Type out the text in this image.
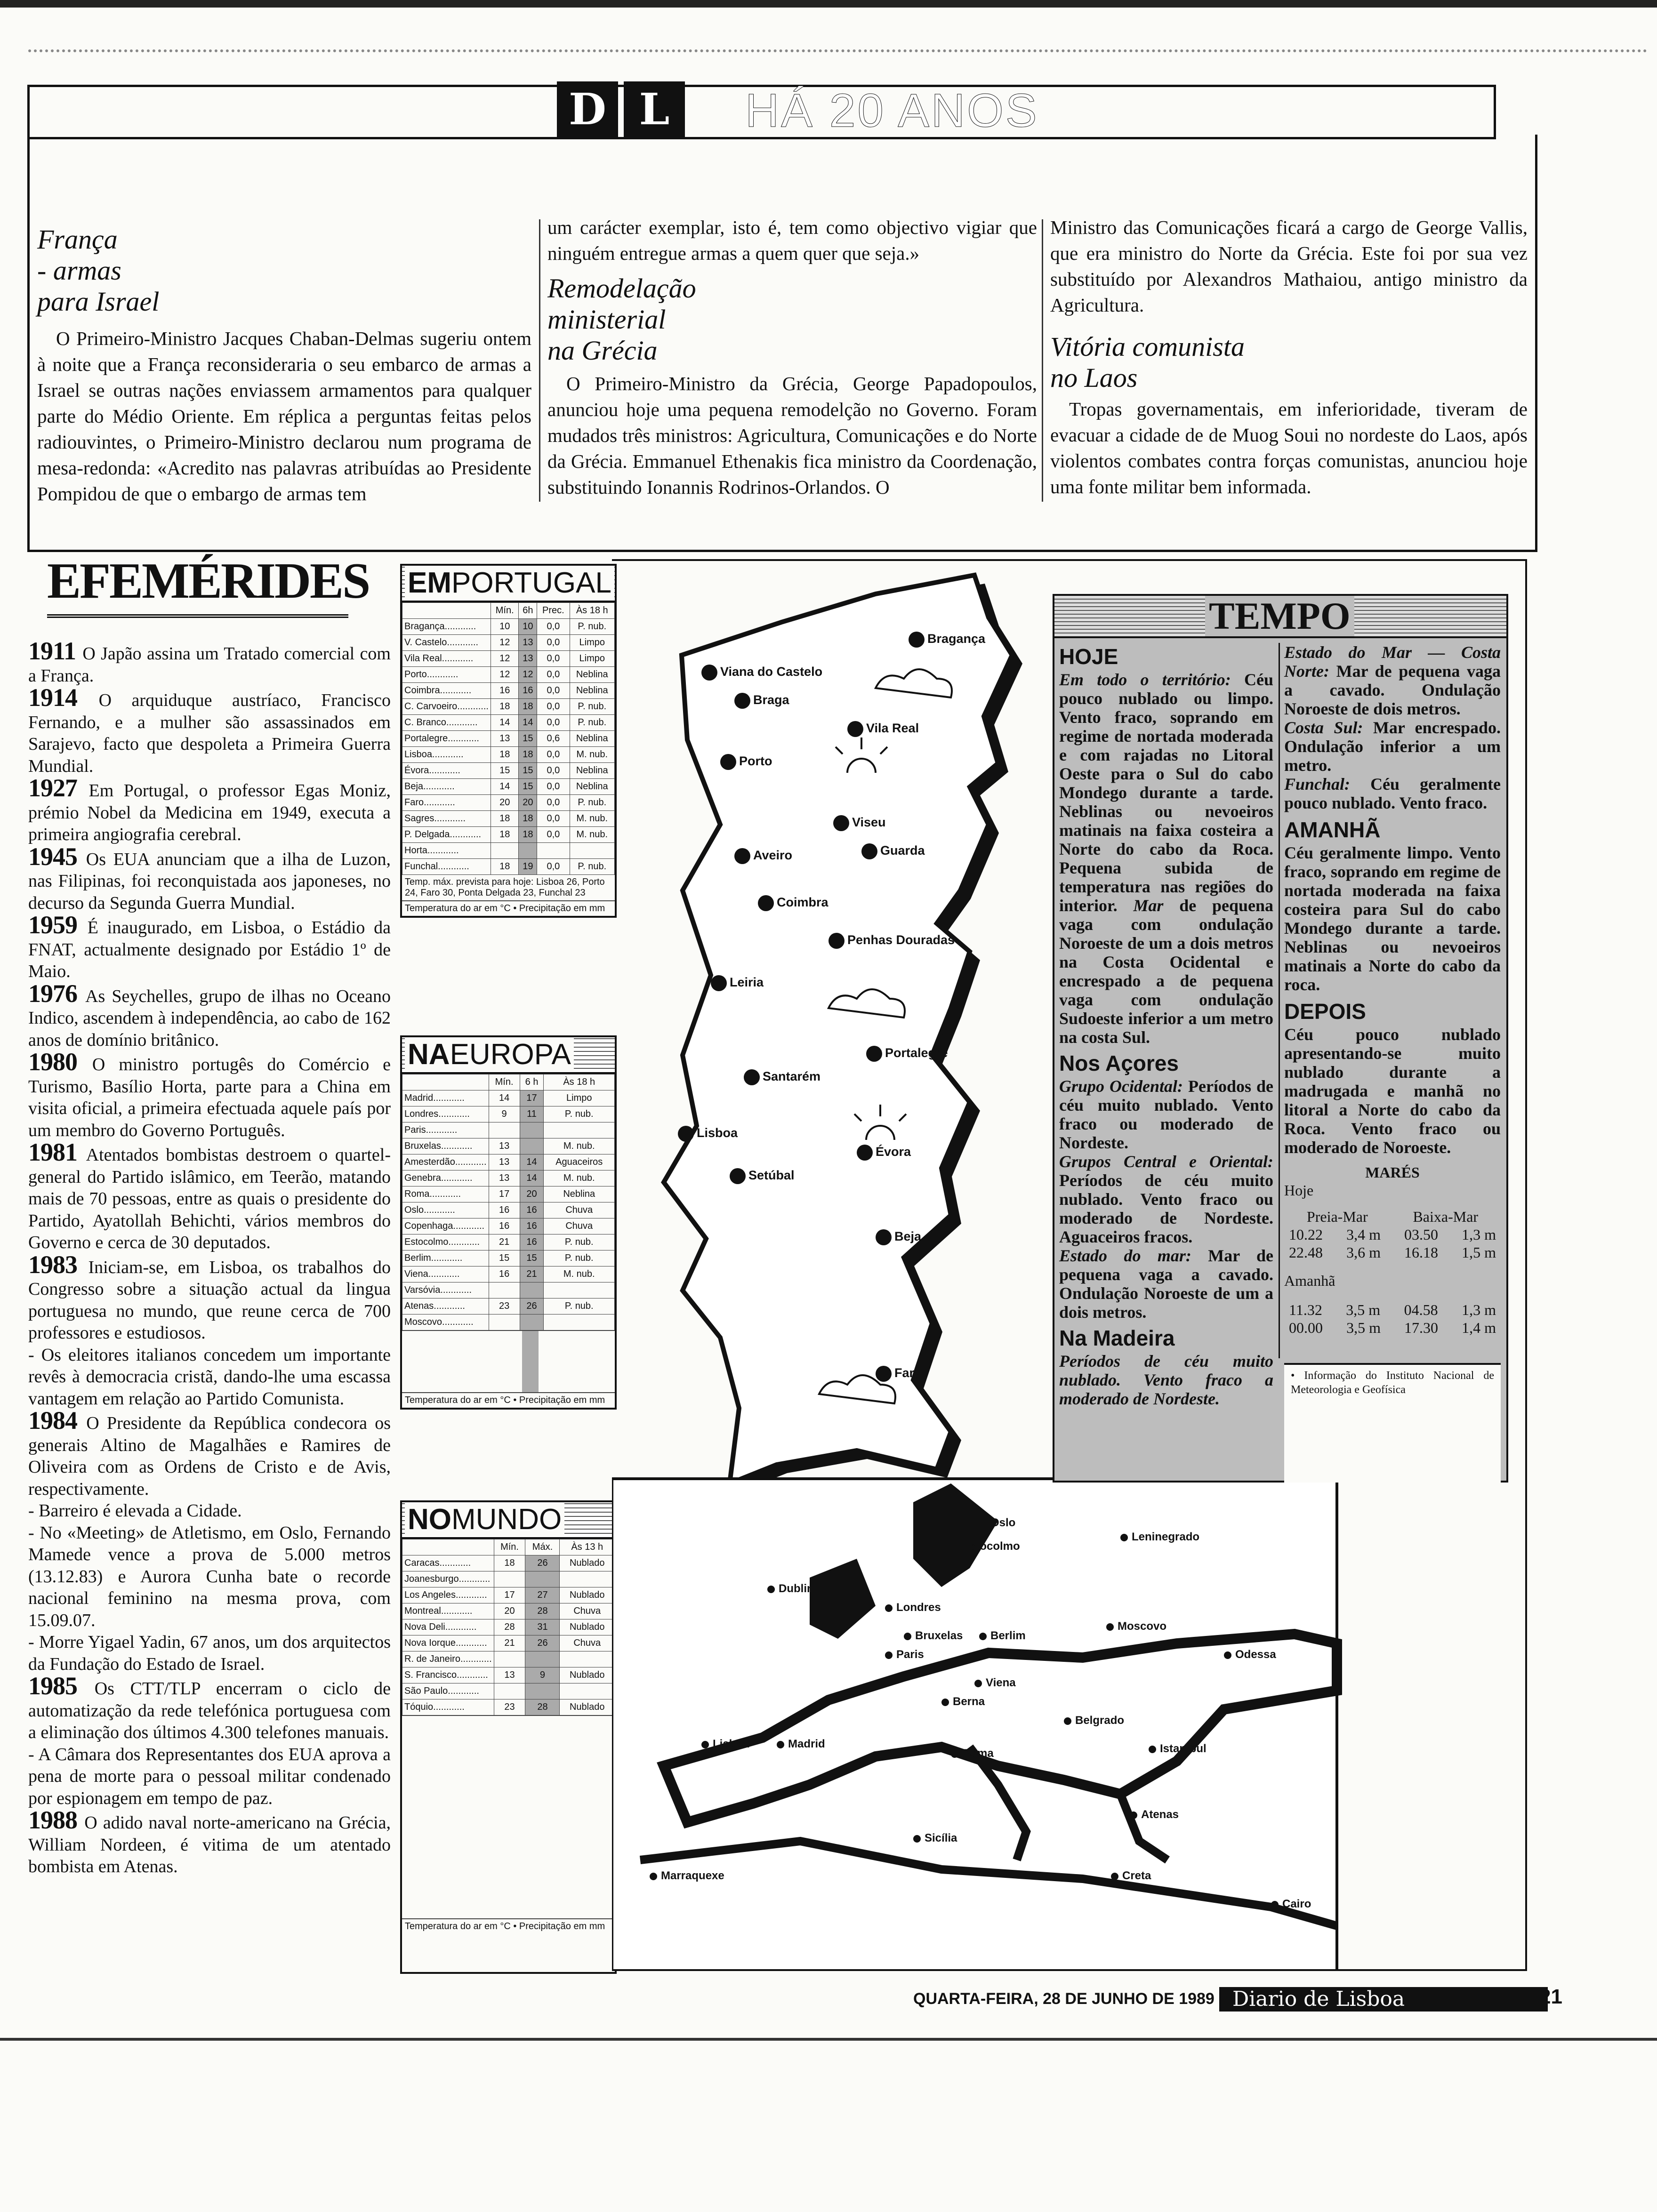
D L	HÁ 20 ANOS

França

- armas

para Israel

O Primeiro-Ministro Jacques Chaban-Delmas sugeriu ontem à noite que a França reconsideraria o seu embarco de armas a Israel se outras nações enviassem armamentos para qualquer parte do Médio Oriente. Em réplica a perguntas feitas pelos radiouvintes, o Primeiro-Ministro declarou num programa de mesa-redonda: «Acredito nas palavras atribuídas ao Presidente Pompidou de que o embargo de armas tem

um carácter exemplar, isto é, tem como objectivo vigiar que ninguém entregue armas a quem quer que seja.»

Remodelação

ministerial

na Grécia

O Primeiro-Ministro da Grécia, George Papadopoulos, anunciou hoje uma pequena remodelção no Governo. Foram mudados três ministros: Agricultura, Comunicações e do Norte da Grécia. Emmanuel Ethenakis fica ministro da Coordenação, substituindo Ionannis Rodrinos-Orlandos. O

Ministro das Comunicações ficará a cargo de George Vallis, que era ministro do Norte da Grécia. Este foi por sua vez substituído por Alexandros Mathaiou, antigo ministro da Agricultura.

Vitória comunista

no Laos

Tropas governamentais, em inferioridade, tiveram de evacuar a cidade de de Muog Soui no nordeste do Laos, após violentos combates contra forças comunistas, anunciou hoje uma fonte militar bem informada.

EFEMÉRIDES

1911 O Japão assina um Tratado comercial com a França.

1914 O arquiduque austríaco, Francisco Fernando, e a mulher são assassinados em Sarajevo, facto que despoleta a Primeira Guerra Mundial.

1927 Em Portugal, o professor Egas Moniz, prémio Nobel da Medicina em 1949, executa a primeira angiografia cerebral.

1945 Os EUA anunciam que a ilha de Luzon, nas Filipinas, foi reconquistada aos japoneses, no decurso da Segunda Guerra Mundial.

1959 É inaugurado, em Lisboa, o Estádio da FNAT, actualmente designado por Estádio 1º de Maio.

1976 As Seychelles, grupo de ilhas no Oceano Indico, ascendem à independência, ao cabo de 162 anos de domínio britânico.

1980 O ministro portugês do Comércio e Turismo, Basílio Horta, parte para a China em visita oficial, a primeira efectuada aquele país por um membro do Governo Português.

1981 Atentados bombistas destroem o quartel-general do Partido islâmico, em Teerão, matando mais de 70 pessoas, entre as quais o presidente do Partido, Ayatollah Behichti, vários membros do Governo e cerca de 30 deputados.

1983 Iniciam-se, em Lisboa, os trabalhos do Congresso sobre a situação actual da lingua portuguesa no mundo, que reune cerca de 700 professores e estudiosos.

- Os eleitores italianos concedem um importante revês à democracia cristã, dando-lhe uma escassa vantagem em relação ao Partido Comunista.

1984 O Presidente da República condecora os generais Altino de Magalhães e Ramires de Oliveira com as Ordens de Cristo e de Avis, respectivamente.

- Barreiro é elevada a Cidade.

- No «Meeting» de Atletismo, em Oslo, Fernando Mamede vence a prova de 5.000 metros (13.12.83) e Aurora Cunha bate o recorde nacional feminino na mesma prova, com 15.09.07.

- Morre Yigael Yadin, 67 anos, um dos arquitectos da Fundação do Estado de Israel.

1985 Os CTT/TLP encerram o ciclo de automatização da rede telefónica portuguesa com a eliminação dos últimos 4.300 telefones manuais.

- A Câmara dos Representantes dos EUA aprova a pena de morte para o pessoal militar condenado por espionagem em tempo de paz.

1988 O adido naval norte-americano na Grécia, William Nordeen, é vitima de um atentado bombista em Atenas.

EMPORTUGAL
	Mín.	6h	Prec.	Às 18 h
Bragança............	10	10	0,0	P. nub.
V. Castelo............	12	13	0,0	Limpo
Vila Real............	12	13	0,0	Limpo
Porto............	12	12	0,0	Neblina
Coimbra............	16	16	0,0	Neblina
C. Carvoeiro............	18	18	0,0	P. nub.
C. Branco............	14	14	0,0	P. nub.
Portalegre............	13	15	0,6	Neblina
Lisboa............	18	18	0,0	M. nub.
Évora............	15	15	0,0	Neblina
Beja............	14	15	0,0	Neblina
Faro............	20	20	0,0	P. nub.
Sagres............	18	18	0,0	M. nub.
P. Delgada............	18	18	0,0	M. nub.
Horta............				
Funchal............	18	19	0,0	P. nub.
Temp. máx. prevista para hoje: Lisboa 26, Porto 24, Faro 30, Ponta Delgada 23, Funchal 23
Temperatura do ar em °C • Precipitação em mm
NAEUROPA
	Mín.	6 h	Às 18 h
Madrid............	14	17	Limpo
Londres............	9	11	P. nub.
Paris............			
Bruxelas............	13		M. nub.
Amesterdão............	13	14	Aguaceiros
Genebra............	13	14	M. nub.
Roma............	17	20	Neblina
Oslo............	16	16	Chuva
Copenhaga............	16	16	Chuva
Estocolmo............	21	16	P. nub.
Berlim............	15	15	P. nub.
Viena............	16	21	M. nub.
Varsóvia............			
Atenas............	23	26	P. nub.
Moscovo............			
Temperatura do ar em °C • Precipitação em mm
NOMUNDO
	Mín.	Máx.	Às 13 h
Caracas............	18	26	Nublado
Joanesburgo............			
Los Angeles............	17	27	Nublado
Montreal............	20	28	Chuva
Nova Deli............	28	31	Nublado
Nova Iorque............	21	26	Chuva
R. de Janeiro............			
S. Francisco............	13	9	Nublado
São Paulo............			
Tóquio............	23	28	Nublado
Temperatura do ar em °C • Precipitação em mm
Bragança
Viana do Castelo
Braga
Vila Real
Porto
Viseu
Aveiro	Guarda
Coimbra
Penhas Douradas
Leiria
Portalegre
Santarém
Lisboa
Évora
Setúbal
Beja
Faro
Oslo
Estocolmo
Leninegrado
Dublin
Londres
Moscovo
Bruxelas	Berlim
Paris	Odessa
Viena
Berna
Belgrado
Lisboa	Madrid
Roma	Istambul
Atenas
Sicília
Marraquexe	Creta
Cairo
TEMPO
HOJE

Em todo o território: Céu pouco nublado ou limpo. Vento fraco, soprando em regime de nortada moderada e com rajadas no Litoral Oeste para o Sul do cabo Mondego durante a tarde. Neblinas ou nevoeiros matinais na faixa costeira a Norte do cabo da Roca. Pequena subida de temperatura nas regiões do interior. Mar de pequena vaga com ondulação Noroeste de um a dois metros na Costa Ocidental e encrespado a de pequena vaga com ondulação Sudoeste inferior a um metro na costa Sul.

Nos Açores

Grupo Ocidental: Períodos de céu muito nublado. Vento fraco ou moderado de Nordeste.

Grupos Central e Oriental: Períodos de céu muito nublado. Vento fraco ou moderado de Nordeste. Aguaceiros fracos.

Estado do mar: Mar de pequena vaga a cavado. Ondulação Noroeste de um a dois metros.

Na Madeira

Períodos de céu muito nublado. Vento fraco a moderado de Nordeste.

Estado do Mar — Costa Norte: Mar de pequena vaga a cavado. Ondulação Noroeste de dois metros.

Costa Sul: Mar encrespado. Ondulação inferior a um metro.

Funchal: Céu geralmente pouco nublado. Vento fraco.

AMANHÃ

Céu geralmente limpo. Vento fraco, soprando em regime de nortada moderada na faixa costeira para Sul do cabo Mondego durante a tarde. Neblinas ou nevoeiros matinais a Norte do cabo da roca.

DEPOIS

Céu pouco nublado apresentando-se muito nublado durante a madrugada e manhã no litoral a Norte do cabo da Roca. Vento fraco ou moderado de Noroeste.

MARÉS
Hoje
Preia-Mar	Baixa-Mar
10.22 3,4 m 03.50 1,3 m
22.48 3,6 m 16.18 1,5 m
Amanhã
11.32 3,5 m 04.58 1,3 m
00.00 3,5 m 17.30 1,4 m
• Informação do Instituto Nacional de Meteorologia e Geofísica
QUARTA-FEIRA, 28 DE JUNHO DE 1989 Diario de Lisboa	21
